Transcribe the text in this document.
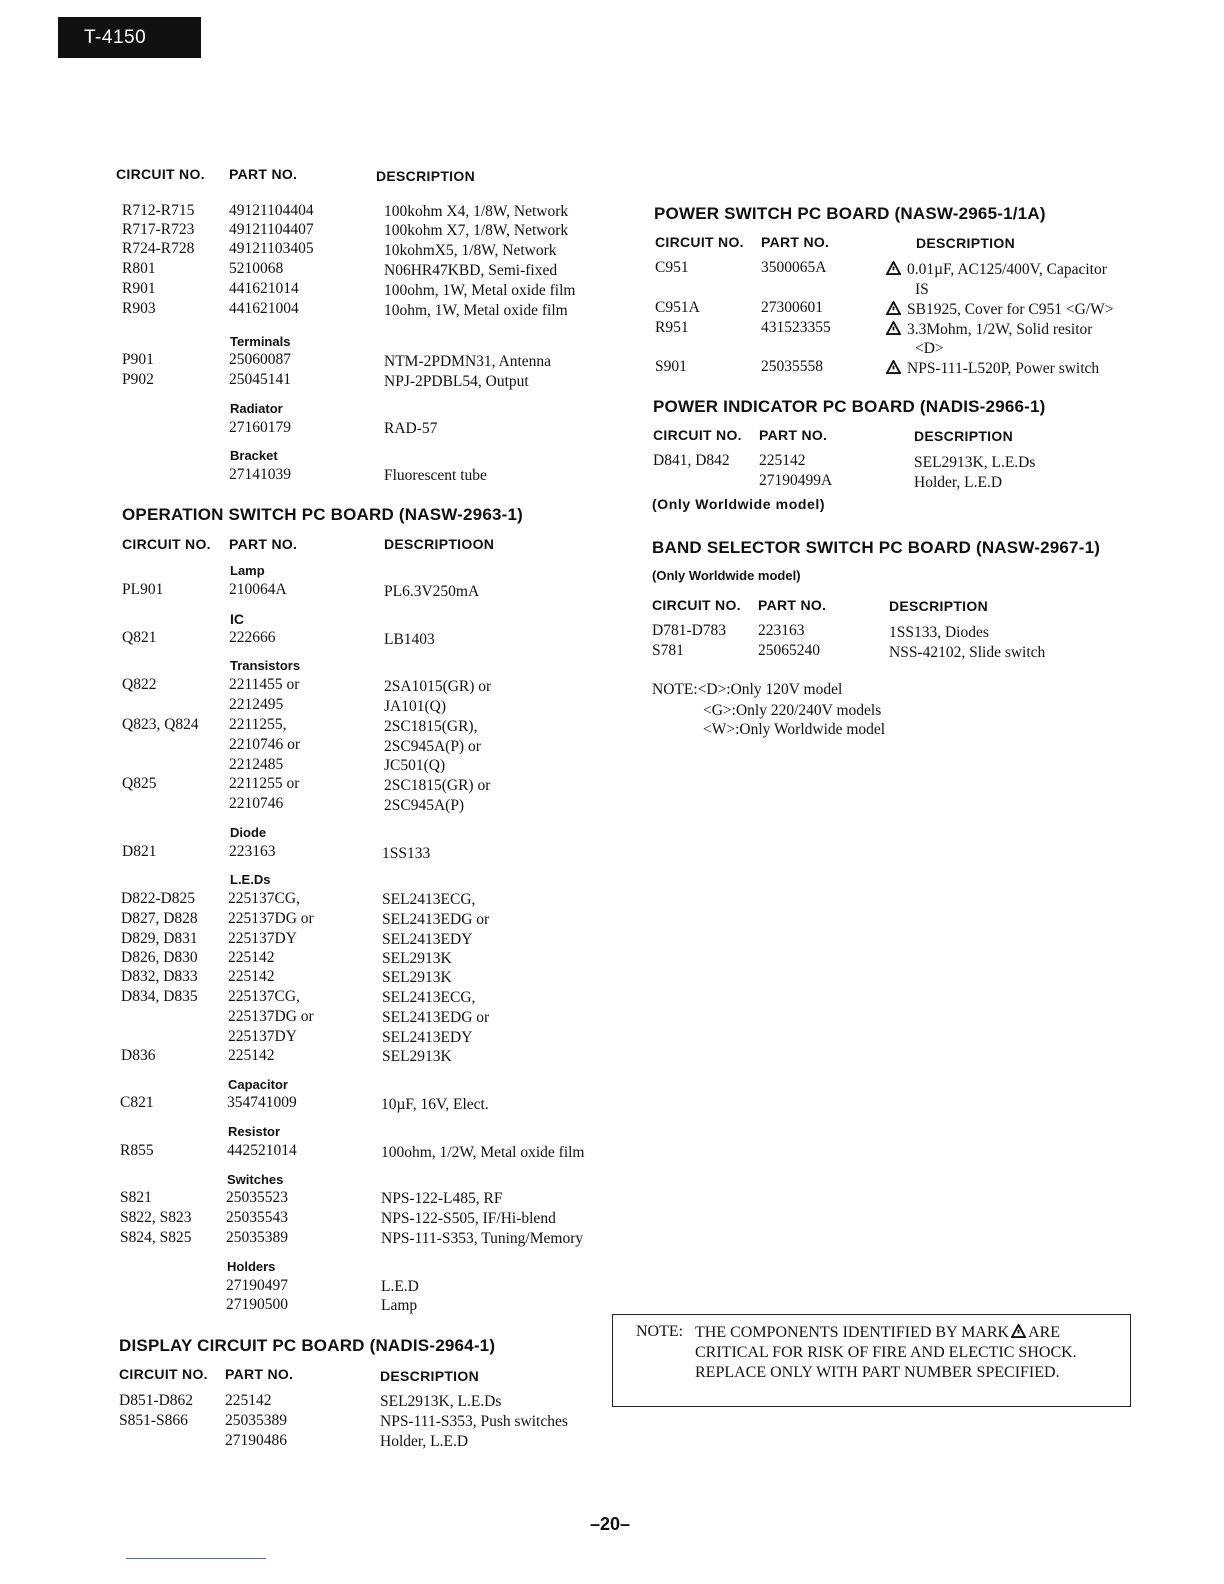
T-4150
CIRCUIT NO. PART NO.	DESCRIPTION
R712-R715 49121104404	100kohm X4, 1/8W, Network
R717-R723 49121104407	100kohm X7, 1/8W, Network
R724-R728 49121103405	10kohmX5, 1/8W, Network
R801	5210068	N06HR47KBD, Semi-fixed
R901	441621014	100ohm, 1W, Metal oxide film
R903	441621004	10ohm, 1W, Metal oxide film
Terminals
P901	25060087	NTM-2PDMN31, Antenna
P902	25045141	NPJ-2PDBL54, Output
Radiator
27160179	RAD-57
Bracket
27141039	Fluorescent tube
OPERATION SWITCH PC BOARD (NASW-2963-1)
CIRCUIT NO. PART NO.	DESCRIPTIOON
Lamp
PL901	210064A	PL6.3V250mA
IC
Q821	222666	LB1403
Transistors
Q822	2211455 or	2SA1015(GR) or
2212495	JA101(Q)
Q823, Q824 2211255,	2SC1815(GR),
2210746 or	2SC945A(P) or
2212485	JC501(Q)
Q825	2211255 or	2SC1815(GR) or
2210746	2SC945A(P)
Diode
D821	223163	1SS133
L.E.Ds
D822-D825 225137CG,	SEL2413ECG,
D827, D828 225137DG or	SEL2413EDG or
D829, D831 225137DY	SEL2413EDY
D826, D830 225142	SEL2913K
D832, D833 225142	SEL2913K
D834, D835 225137CG,	SEL2413ECG,
225137DG or	SEL2413EDG or
225137DY	SEL2413EDY
D836	225142	SEL2913K
Capacitor
C821	354741009	10µF, 16V, Elect.
Resistor
R855	442521014	100ohm, 1/2W, Metal oxide film
Switches
S821	25035523	NPS-122-L485, RF
S822, S823 25035543	NPS-122-S505, IF/Hi-blend
S824, S825 25035389	NPS-111-S353, Tuning/Memory
Holders
27190497	L.E.D
27190500	Lamp
DISPLAY CIRCUIT PC BOARD (NADIS-2964-1)
CIRCUIT NO. PART NO.	DESCRIPTION
D851-D862 225142	SEL2913K, L.E.Ds
S851-S866 25035389	NPS-111-S353, Push switches
27190486	Holder, L.E.D
POWER SWITCH PC BOARD (NASW-2965-1/1A)
CIRCUIT NO. PART NO.	DESCRIPTION
C951	3500065A	0.01µF, AC125/400V, Capacitor
IS
C951A	27300601	SB1925, Cover for C951 <G/W>
R951	431523355	3.3Mohm, 1/2W, Solid resitor
<D>
S901	25035558	NPS-111-L520P, Power switch
POWER INDICATOR PC BOARD (NADIS-2966-1)
CIRCUIT NO. PART NO.	DESCRIPTION
D841, D842 225142	SEL2913K, L.E.Ds
27190499A	Holder, L.E.D
(Only Worldwide model)
BAND SELECTOR SWITCH PC BOARD (NASW-2967-1)
(Only Worldwide model)
CIRCUIT NO. PART NO.	DESCRIPTION
D781-D783 223163	1SS133, Diodes
S781	25065240	NSS-42102, Slide switch
NOTE:<D>:Only 120V model
<G>:Only 220/240V models
<W>:Only Worldwide model
NOTE: THE COMPONENTS IDENTIFIED BY MARK ARE CRITICAL FOR RISK OF FIRE AND ELECTIC SHOCK. REPLACE ONLY WITH PART NUMBER SPECIFIED.
–20–
